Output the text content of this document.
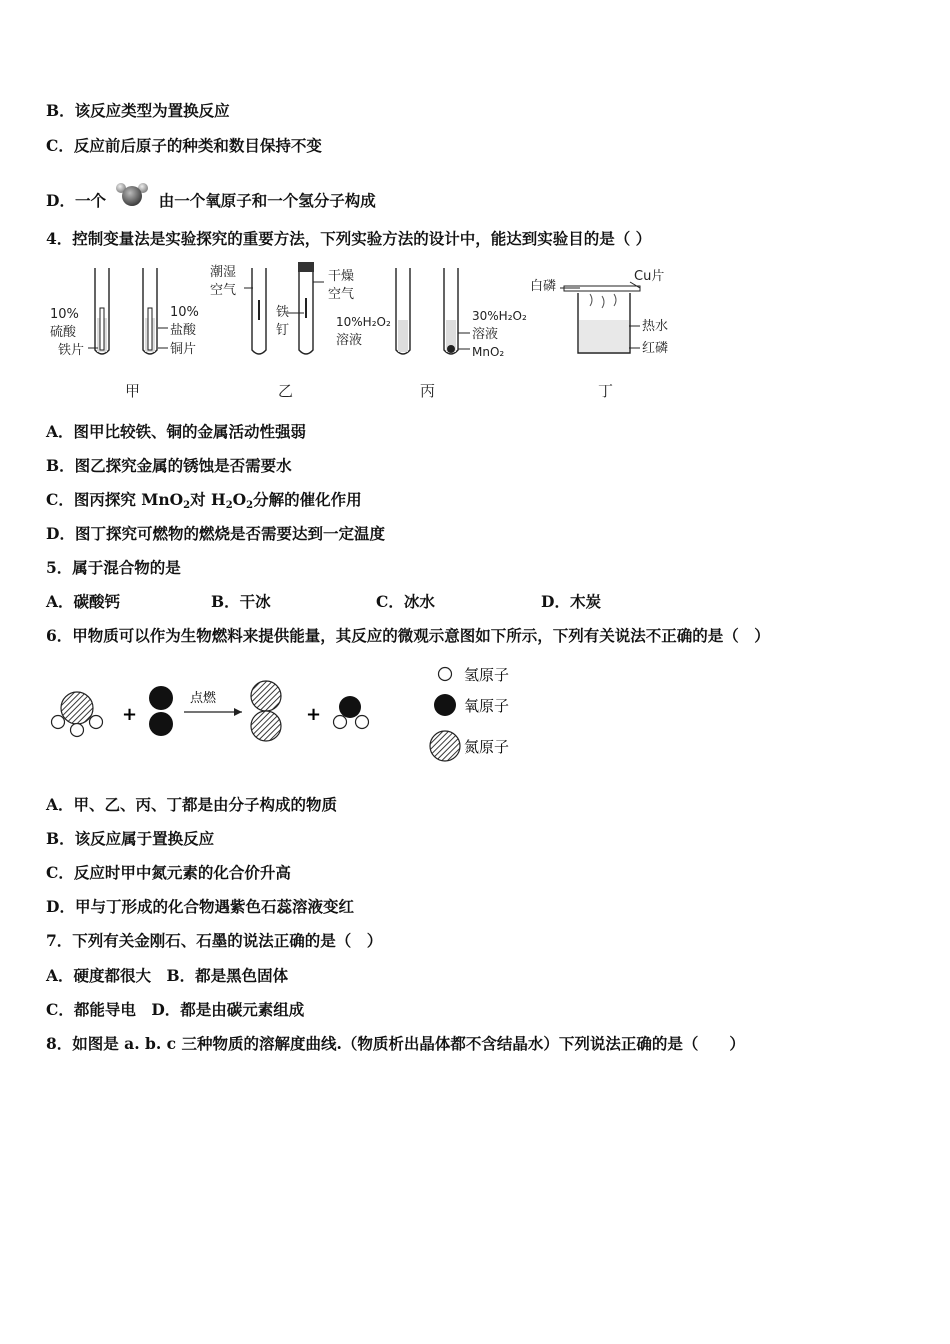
B．该反应类型为置换反应
C．反应前后原子的种类和数目保持不变
D．一个	由一个氧原子和一个氢分子构成
4．控制变量法是实验探究的重要方法，下列实验方法的设计中，能达到实验目的是（ ）
10%
硫酸
铁片
10%
盐酸
铜片
甲
潮湿
空气
铁
钉
干燥
空气
乙
10%H₂O₂
溶液
30%H₂O₂
溶液
MnO₂
丙
白磷
Cu片
热水
红磷
丁
A．图甲比较铁、铜的金属活动性强弱
B．图乙探究金属的锈蚀是否需要水
C．图丙探究 MnO$_2$对 $H_2O_2$分解的催化作用
D．图丁探究可燃物的燃烧是否需要达到一定温度
5．属于混合物的是
A．碳酸钙	B．干冰	C．冰水	D．木炭
6．甲物质可以作为生物燃料来提供能量，其反应的微观示意图如下所示，下列有关说法不正确的是（　）
+
点燃
+
氢原子
氧原子
氮原子
A．甲、乙、丙、丁都是由分子构成的物质
B．该反应属于置换反应
C．反应时甲中氮元素的化合价升高
D．甲与丁形成的化合物遇紫色石蕊溶液变红
7．下列有关金刚石、石墨的说法正确的是（　）
A．硬度都很大　B．都是黑色固体
C．都能导电　D．都是由碳元素组成
8．如图是 a. b. c 三种物质的溶解度曲线.（物质析出晶体都不含结晶水）下列说法正确的是（　　）
